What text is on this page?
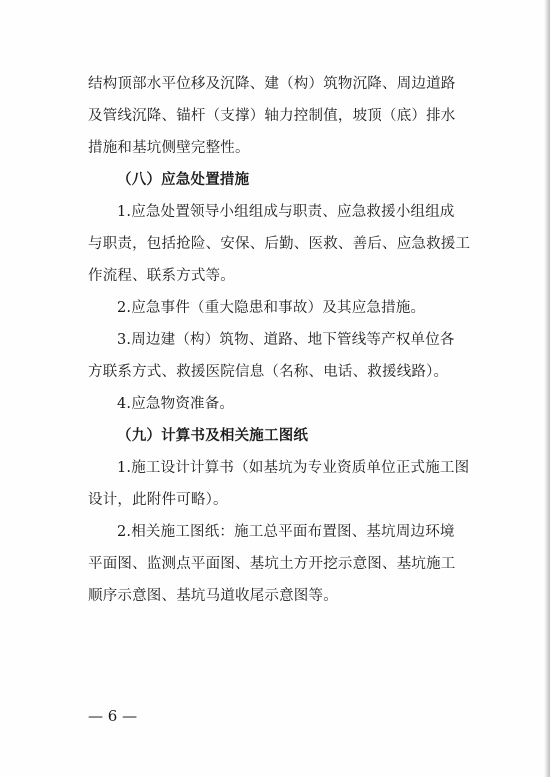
结构顶部水平位移及沉降、建（构）筑物沉降、周边道路
及管线沉降、锚杆（支撑）轴力控制值，坡顶（底）排水
措施和基坑侧壁完整性。
（八）应急处置措施
1.应急处置领导小组组成与职责、应急救援小组组成
与职责，包括抢险、安保、后勤、医救、善后、应急救援工
作流程、联系方式等。
2.应急事件（重大隐患和事故）及其应急措施。
3.周边建（构）筑物、道路、地下管线等产权单位各
方联系方式、救援医院信息（名称、电话、救援线路）。
4.应急物资准备。
（九）计算书及相关施工图纸
1.施工设计计算书（如基坑为专业资质单位正式施工图
设计，此附件可略）。
2.相关施工图纸：施工总平面布置图、基坑周边环境
平面图、监测点平面图、基坑土方开挖示意图、基坑施工
顺序示意图、基坑马道收尾示意图等。
— 6 —
